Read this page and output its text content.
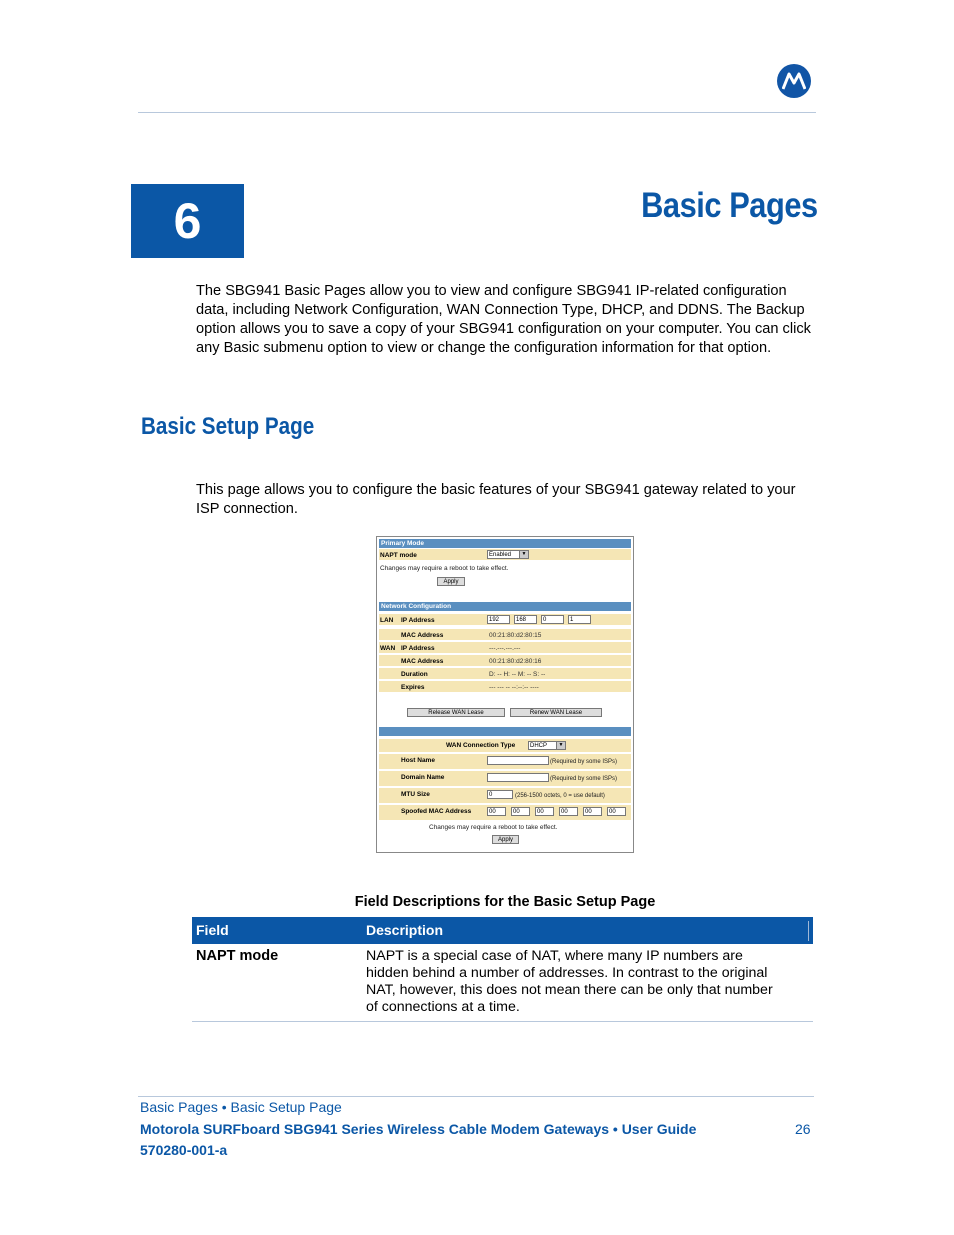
6	Basic Pages
The SBG941 Basic Pages allow you to view and configure SBG941 IP-related configuration data, including Network Configuration, WAN Connection Type, DHCP, and DDNS. The Backup option allows you to save a copy of your SBG941 configuration on your computer. You can click any Basic submenu option to view or change the configuration information for that option.
Basic Setup Page
This page allows you to configure the basic features of your SBG941 gateway related to your ISP connection.
Primary Mode
NAPT mode	Enabled	▼
Changes may require a reboot to take effect.
Apply
Network Configuration
LAN IP Address	192	168	0	1
MAC Address	00:21:80:d2:80:15
WAN IP Address	---.---.---.---
MAC Address	00:21:80:d2:80:16
Duration	D: -- H: -- M: -- S: --
Expires	--- --- -- --:--:-- ----
Release WAN Lease	Renew WAN Lease
WAN Connection Type	DHCP	▼
Host Name	(Required by some ISPs)
Domain Name	(Required by some ISPs)
MTU Size	0	(256-1500 octets, 0 = use default)
Spoofed MAC Address	00	00	00	00	00	00
Changes may require a reboot to take effect.
Apply
Field Descriptions for the Basic Setup Page
Field	Description
NAPT mode	NAPT is a special case of NAT, where many IP numbers are hidden behind a number of addresses. In contrast to the original NAT, however, this does not mean there can be only that number of connections at a time.
Basic Pages • Basic Setup Page
Motorola SURFboard SBG941 Series Wireless Cable Modem Gateways • User Guide	26
570280-001-a
